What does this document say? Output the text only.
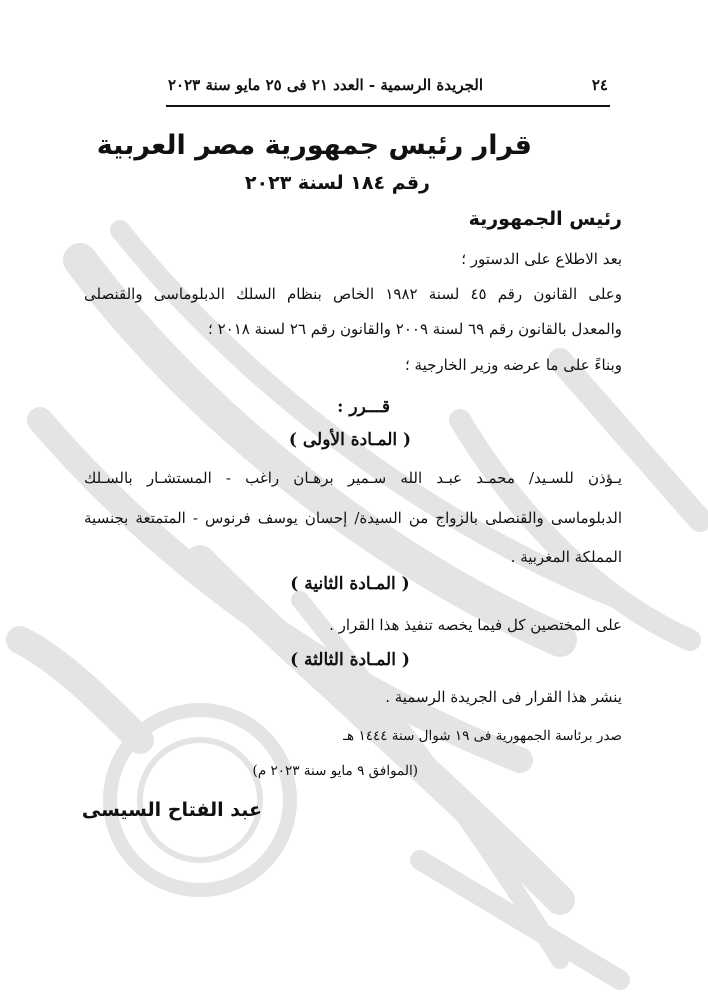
٢٤
الجريدة الرسمية - العدد ٢١ فى ٢٥ مايو سنة ٢٠٢٣
قرار رئيس جمهورية مصر العربية
رقم ١٨٤ لسنة ٢٠٢٣
رئيس الجمهورية
بعد الاطلاع على الدستور ؛
وعلى القانون رقم ٤٥ لسنة ١٩٨٢ الخاص بنظام السلك الدبلوماسى والقنصلى
والمعدل بالقانون رقم ٦٩ لسنة ٢٠٠٩ والقانون رقم ٢٦ لسنة ٢٠١٨ ؛
وبناءً على ما عرضه وزير الخارجية ؛
قـــرر :
( المـادة الأولى )
يـؤذن للسـيد/ محمـد عبـد الله سـمير برهـان راغب - المستشـار بالسـلك
الدبلوماسى والقنصلى بالزواج من السيدة/ إحسان يوسف فرنوس - المتمتعة بجنسية
المملكة المغربية .
( المـادة الثانية )
على المختصين كل فيما يخصه تنفيذ هذا القرار .
( المـادة الثالثة )
ينشر هذا القرار فى الجريدة الرسمية .
صدر برئاسة الجمهورية فى ١٩ شوال سنة ١٤٤٤ هـ
(الموافق ٩ مايو سنة ٢٠٢٣ م)
عبد الفتاح السيسى
